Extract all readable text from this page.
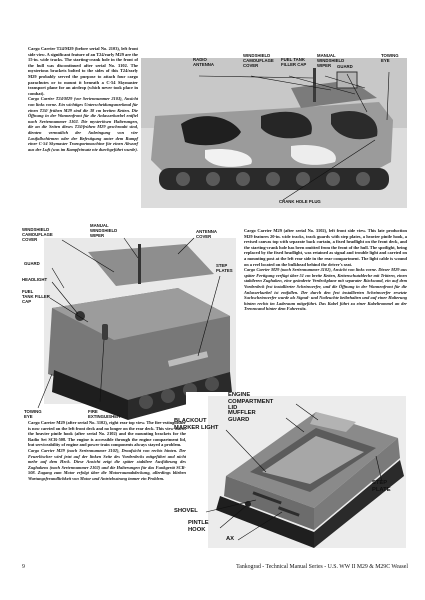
Cargo Carrier T24/M29 (before serial No. 2103), left front side view. A significant feature of an T24/early M29 are the 15-in. wide tracks. The starting-crank hole in the front of the hull was discontinued after serial No. 3102. The mysterious brackets bolted to the sides of this T24/early M29 probably served the purpose to attach four cargo parachutes or to mount it beneath a C-54 Skymaster transport plane for an airdrop (which never took place in combat).

Cargo Carrier T24/M29 (vor Seriennummer 2103), Ansicht von links vorne. Ein wichtiges Unterscheidungsmerkmal für einen T24/ frühen M29 sind die 38 cm breiten Ketten. Die Öffnung in der Wannenfront für die Anlasserkurbel entfiel nach Seriennummer 3102. Die mysteriösen Halterungen, die an die Seiten dieses T24/frühen M29 geschraubt sind, dienten vermutlich der Anbringung von vier Lastfallschirmen oder der Befestigung unter dem Rumpf einer C-54 Skymaster Transportmaschine für einen Abwurf aus der Luft (was im Kampfeinsatz nie durchgeführt wurde).

RADIO
ANTENNA
WINDSHIELD
CAMOUFLAGE
COVER
FUEL TANK
FILLER CAP
MANUAL
WINDSHIELD
WIPER	GUARD
TOWING
EYE
CRANK HOLE PLUG
WINDSHIELD
CAMOUFLAGE
COVER
MANUAL
WINDSHIELD
WIPER
ANTENNA
COVER
GUARD
HEADLIGHT
FUEL
TANK FILLER
CAP
STEP
PLATES
TOWING
EYE
FIRE
EXTINGUISHER

Cargo Carrier M29 (after serial No. 3102), left front side view. This late production M29 features 20-in. wide tracks, track guards with step plates, a heavier pintle hook, a revised canvas top with separate back curtain, a fixed headlight on the front deck, and the starting-crank hole has been omitted from the front of the hull. The spotlight, being replaced by the fixed headlight, was retained as signal and trouble light and carried on a mounting post at the left rear side in the rear compartment. The light cable is wound on a reel located on the bulkhead behind the driver's seat.

Cargo Carrier M29 (nach Seriennummer 3102), Ansicht von links vorne. Dieser M29 aus später Fertigung verfügt über 51 cm breite Ketten, Kettenschutzbleche mit Trittern, einen stabileren Zughaken, eine geänderte Verdeckplane mit separater Rückwand, ein auf dem Vorderdeck fest installierter Scheinwerfer, und die Öffnung in der Wannenfront für die Anlasserkurbel ist entfallen. Der durch den fest installierten Scheinwerfer ersetzte Suchscheinwerfer wurde als Signal- und Notleuchte beibehalten und auf einer Halterung hinten rechts im Laderaum mitgeführt. Das Kabel führt zu einer Kabeltrommel an der Trennwand hinter dem Fahrersitz.

Cargo Carrier M29 (after serial No. 3102), right rear top view. The fire-extinguisher is now carried on the left front deck and no longer on the rear deck. This view shows the heavier pintle hook (after serial No. 2102) and the mounting brackets for the Radio Set SCR-508. The engine is accessible through the engine compartment lid, but serviceability of engine and power train components always stayed a problem.

Cargo Carrier M29 (nach Seriennummer 3102), Draufsicht von rechts hinten. Der Feuerlöscher wird jetzt auf der linken Seite des Vorderdecks mitgeführt und nicht mehr auf dem Heck. Diese Ansicht zeigt die später stabilere Ausführung des Zughakens (nach Seriennummer 2102) und die Halterungen für das Funkgerät SCR-508. Zugang zum Motor erfolgt über die Motorraumabdeckung, allerdings blieben Wartungsfreundlichkeit von Motor und Antriebsstrang immer ein Problem.

ENGINE
COMPARTMENT
LID
MUFFLER
GUARD
BLACKOUT
MARKER LIGHT
STEP
PLATE
SHOVEL
PINTLE
HOOK
AX
9	Tankograd - Technical Manual Series - U.S. WW II M29 & M29C Weasel
